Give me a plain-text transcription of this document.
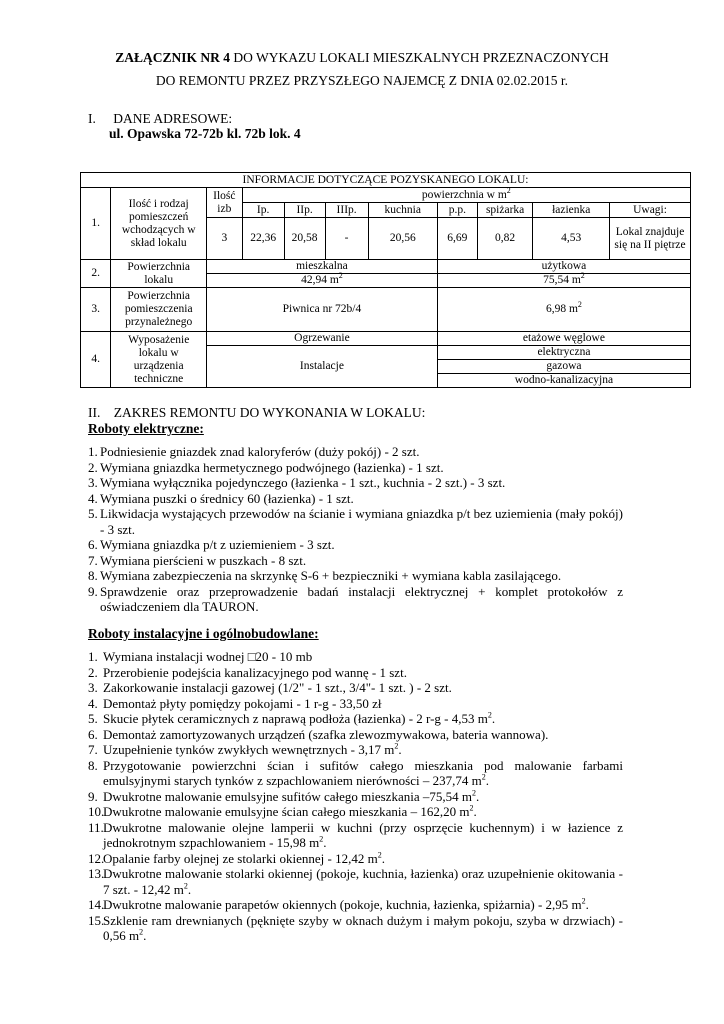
ZAŁĄCZNIK NR 4 DO WYKAZU LOKALI MIESZKALNYCH PRZEZNACZONYCH
DO REMONTU PRZEZ PRZYSZŁEGO NAJEMCĘ Z DNIA 02.02.2015 r.
I. DANE ADRESOWE:
ul. Opawska 72-72b kl. 72b lok. 4
INFORMACJE DOTYCZĄCE POZYSKANEGO LOKALU:										
1.	Ilość i rodzaj pomieszczeń wchodzących w skład lokalu	Ilość izb	powierzchnia w $m^2$
			Ip.	IIp.	IIIp.	kuchnia	p.p.	spiżarka	łazienka	Uwagi:
		3	22,36	20,58	-	20,56	6,69	0,82	4,53	Lokal znajduje się na II piętrze
2.	Powierzchnia lokalu	mieszkalna					użytkowa			
		42,94 $m^2$					75,54 $m^2$
3.	Powierzchnia pomieszczenia przynależnego	Piwnica nr 72b/4					6,98 $m^2$
4.	Wyposażenie lokalu w urządzenia techniczne	Ogrzewanie					etażowe węglowe			
		Instalacje					elektryczna			
							gazowa			
							wodno-kanalizacyjna			
II. ZAKRES REMONTU DO WYKONANIA W LOKALU:
Roboty elektryczne:
1. Podniesienie gniazdek znad kaloryferów (duży pokój) - 2 szt.
2. Wymiana gniazdka hermetycznego podwójnego (łazienka) - 1 szt.
3. Wymiana wyłącznika pojedynczego (łazienka - 1 szt., kuchnia - 2 szt.) - 3 szt.
4. Wymiana puszki o średnicy 60 (łazienka) - 1 szt.
5. Likwidacja wystających przewodów na ścianie i wymiana gniazdka p/t bez uziemienia (mały pokój) - 3 szt.
6. Wymiana gniazdka p/t z uziemieniem - 3 szt.
7. Wymiana pierścieni w puszkach - 8 szt.
8. Wymiana zabezpieczenia na skrzynkę S-6 + bezpieczniki + wymiana kabla zasilającego.
9. Sprawdzenie oraz przeprowadzenie badań instalacji elektrycznej + komplet protokołów z oświadczeniem dla TAURON.
Roboty instalacyjne i ogólnobudowlane:
1. Wymiana instalacji wodnej □20 - 10 mb
2. Przerobienie podejścia kanalizacyjnego pod wannę - 1 szt.
3. Zakorkowanie instalacji gazowej (1/2" - 1 szt., 3/4"- 1 szt. ) - 2 szt.
4. Demontaż płyty pomiędzy pokojami - 1 r-g - 33,50 zł
5. Skucie płytek ceramicznych z naprawą podłoża (łazienka) - 2 r-g - 4,53 $m^2$.
6. Demontaż zamortyzowanych urządzeń (szafka zlewozmywakowa, bateria wannowa).
7. Uzupełnienie tynków zwykłych wewnętrznych - 3,17 $m^2$.
8. Przygotowanie powierzchni ścian i sufitów całego mieszkania pod malowanie farbami emulsyjnymi starych tynków z szpachlowaniem nierówności – 237,74 $m^2$.
9. Dwukrotne malowanie emulsyjne sufitów całego mieszkania –75,54 $m^2$.
10.
Dwukrotne malowanie emulsyjne ścian całego mieszkania – 162,20 $m^2$.
11. Dwukrotne malowanie olejne lamperii w kuchni (przy osprzęcie kuchennym) i w łazience z jednokrotnym szpachlowaniem - 15,98 $m^2$.
12.
Opalanie farby olejnej ze stolarki okiennej - 12,42 $m^2$.
13.
Dwukrotne malowanie stolarki okiennej (pokoje, kuchnia, łazienka) oraz uzupełnienie okitowania - 7 szt. - 12,42 $m^2$.
14.
Dwukrotne malowanie parapetów okiennych (pokoje, kuchnia, łazienka, spiżarnia) - 2,95 $m^2$.
15.
Szklenie ram drewnianych (pęknięte szyby w oknach dużym i małym pokoju, szyba w drzwiach) - 0,56 $m^2$.
